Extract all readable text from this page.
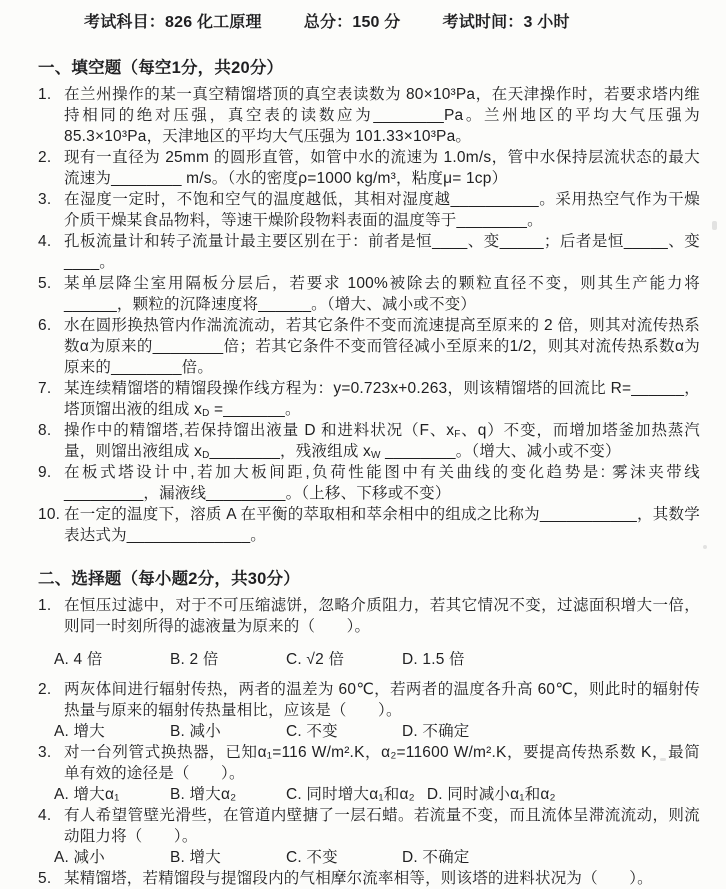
考试科目：826 化工原理	总分：150 分	考试时间：3 小时
一、填空题（每空1分，共20分）
1. 在兰州操作的某一真空精馏塔顶的真空表读数为 80×10³Pa，在天津操作时，若要求塔内维持相同的绝对压强，真空表的读数应为________Pa。兰州地区的平均大气压强为 85.3×10³Pa，天津地区的平均大气压强为 101.33×10³Pa。
2. 现有一直径为 25mm 的圆形直管，如管中水的流速为 1.0m/s，管中水保持层流状态的最大流速为________ m/s。（水的密度ρ=1000 kg/m³，粘度μ= 1cp）
3. 在湿度一定时，不饱和空气的温度越低，其相对湿度越__________。采用热空气作为干燥介质干燥某食品物料，等速干燥阶段物料表面的温度等于________。
4. 孔板流量计和转子流量计最主要区别在于：前者是恒____、变_____；后者是恒_____、变____。
5. 某单层降尘室用隔板分层后，若要求 100%被除去的颗粒直径不变，则其生产能力将______，颗粒的沉降速度将______。（增大、减小或不变）
6. 水在圆形换热管内作湍流流动，若其它条件不变而流速提高至原来的 2 倍，则其对流传热系数α为原来的________倍；若其它条件不变而管径减小至原来的1/2，则其对流传热系数α为原来的________倍。
7. 某连续精馏塔的精馏段操作线方程为：y=0.723x+0.263，则该精馏塔的回流比 R=______，塔顶馏出液的组成 $x_D$ =_______。
8. 操作中的精馏塔,若保持馏出液量 D 和进料状况（F、$x_F$、q）不变，而增加塔釜加热蒸汽量，则馏出液组成 $x_D\_\_\_\_\_\_\_\_$，残液组成 $x_W$ ________。（增大、减小或不变）
9. 在板式塔设计中,若加大板间距,负荷性能图中有关曲线的变化趋势是: 雾沫夹带线_________，漏液线_________。（上移、下移或不变）
10. 在一定的温度下，溶质 A 在平衡的萃取相和萃余相中的组成之比称为___________，其数学表达式为______________。
二、选择题（每小题2分，共30分）
1. 在恒压过滤中，对于不可压缩滤饼，忽略介质阻力，若其它情况不变，过滤面积增大一倍，则同一时刻所得的滤液量为原来的（　　）。
A. 4 倍	B. 2 倍	C. √2 倍	D. 1.5 倍
2. 两灰体间进行辐射传热，两者的温差为 60℃，若两者的温度各升高 60℃，则此时的辐射传热量与原来的辐射传热量相比，应该是（　　）。
A. 增大	B. 减小	C. 不变	D. 不确定
3. 对一台列管式换热器，已知α₁=116 W/m².K，α₂=11600 W/m².K，要提高传热系数 K，最简单有效的途径是（　　）。
A. 增大α₁	B. 增大α₂	C. 同时增大α₁和α₂ D. 同时减小α₁和α₂
4. 有人希望管壁光滑些，在管道内壁搪了一层石蜡。若流量不变，而且流体呈滞流流动，则流动阻力将（　　）。
A. 减小	B. 增大	C. 不变	D. 不确定
5. 某精馏塔，若精馏段与提馏段内的气相摩尔流率相等，则该塔的进料状况为（　　）。
